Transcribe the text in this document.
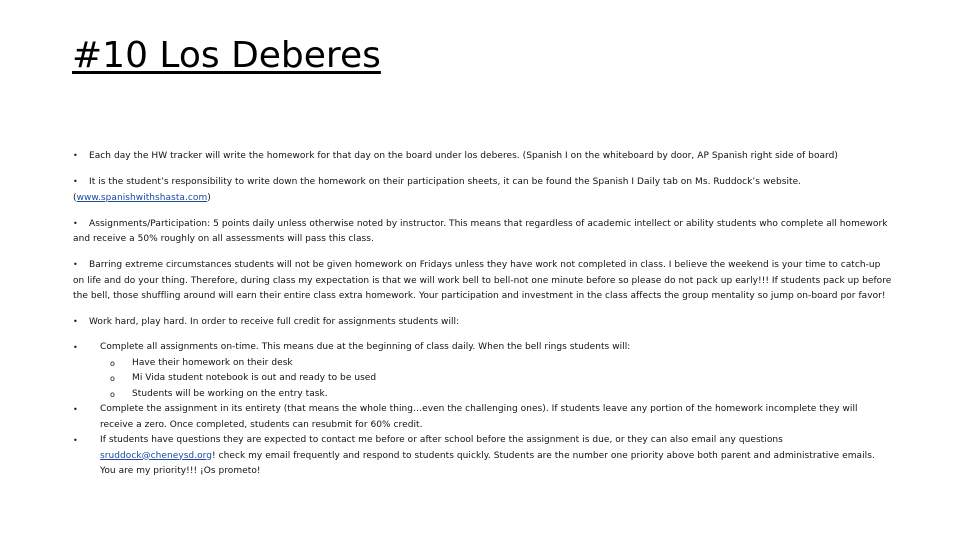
#10 Los Deberes

• Each day the HW tracker will write the homework for that day on the board under los deberes. (Spanish I on the whiteboard by door, AP Spanish right side of board)

• It is the student’s responsibility to write down the homework on their participation sheets, it can be found the Spanish I Daily tab on Ms. Ruddock’s website.
(www.spanishwithshasta.com)

• Assignments/Participation: 5 points daily unless otherwise noted by instructor. This means that regardless of academic intellect or ability students who complete all homework and receive a 50% roughly on all assessments will pass this class.

• Barring extreme circumstances students will not be given homework on Fridays unless they have work not completed in class. I believe the weekend is your time to catch-up on life and do your thing. Therefore, during class my expectation is that we will work bell to bell-not one minute before so please do not pack up early!!! If students pack up before the bell, those shuffling around will earn their entire class extra homework. Your participation and investment in the class affects the group mentality so jump on-board por favor!

• Work hard, play hard. In order to receive full credit for assignments students will:

• Complete all assignments on-time. This means due at the beginning of class daily. When the bell rings students will:
o Have their homework on their desk
o Mi Vida student notebook is out and ready to be used
o Students will be working on the entry task.
• Complete the assignment in its entirety (that means the whole thing…even the challenging ones). If students leave any portion of the homework incomplete they will receive a zero. Once completed, students can resubmit for 60% credit.
• If students have questions they are expected to contact me before or after school before the assignment is due, or they can also email any questions sruddock@cheneysd.org! check my email frequently and respond to students quickly. Students are the number one priority above both parent and administrative emails. You are my priority!!! ¡Os prometo!
